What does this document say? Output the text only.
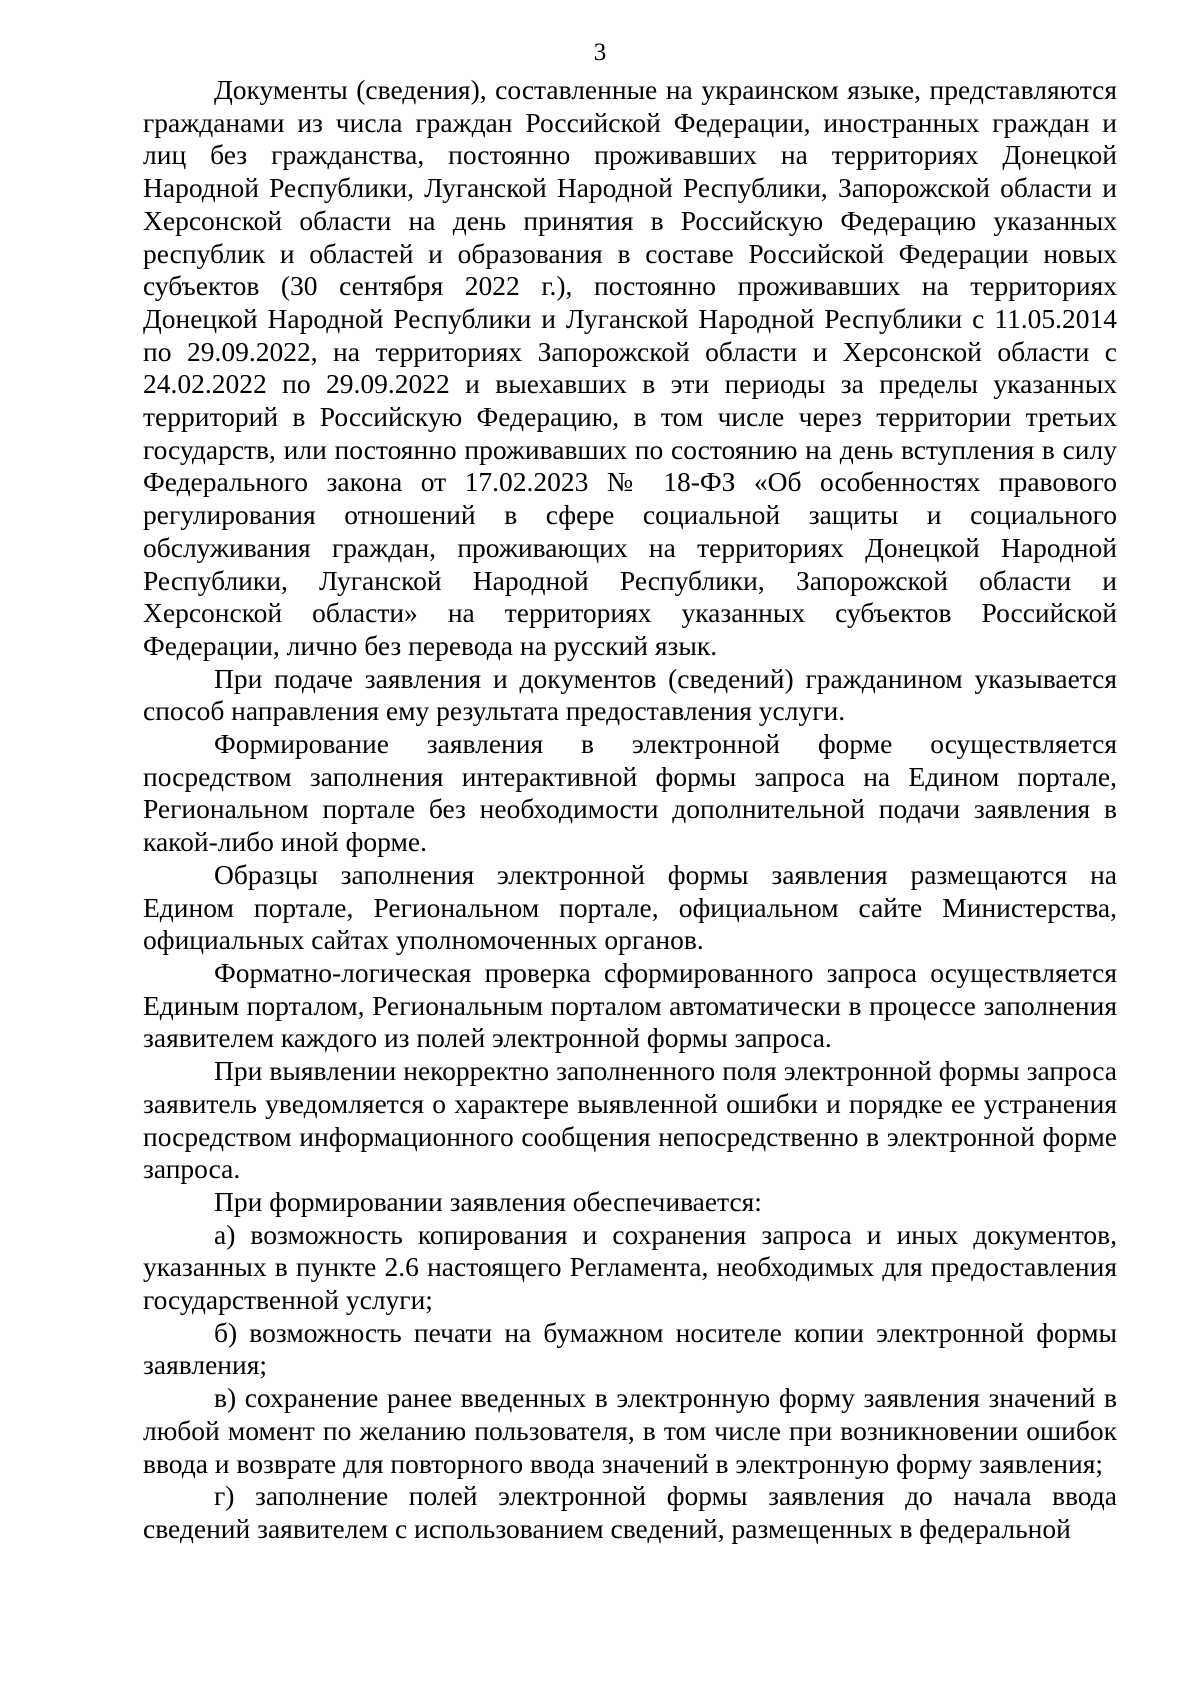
3

Документы (сведения), составленные на украинском языке, представляются гражданами из числа граждан Российской Федерации, иностранных граждан и лиц без гражданства, постоянно проживавших на территориях Донецкой Народной Республики, Луганской Народной Республики, Запорожской области и Херсонской области на день принятия в Российскую Федерацию указанных республик и областей и образования в составе Российской Федерации новых субъектов (30 сентября 2022 г.), постоянно проживавших на территориях Донецкой Народной Республики и Луганской Народной Республики с 11.05.2014 по 29.09.2022, на территориях Запорожской области и Херсонской области с 24.02.2022 по 29.09.2022 и выехавших в эти периоды за пределы указанных территорий в Российскую Федерацию, в том числе через территории третьих государств, или постоянно проживавших по состоянию на день вступления в силу Федерального закона от 17.02.2023 № 18-ФЗ «Об особенностях правового регулирования отношений в сфере социальной защиты и социального обслуживания граждан, проживающих на территориях Донецкой Народной Республики, Луганской Народной Республики, Запорожской области и Херсонской области» на территориях указанных субъектов Российской Федерации, лично без перевода на русский язык.

При подаче заявления и документов (сведений) гражданином указывается способ направления ему результата предоставления услуги.

Формирование заявления в электронной форме осуществляется посредством заполнения интерактивной формы запроса на Едином портале, Региональном портале без необходимости дополнительной подачи заявления в какой-либо иной форме.

Образцы заполнения электронной формы заявления размещаются на Едином портале, Региональном портале, официальном сайте Министерства, официальных сайтах уполномоченных органов.

Форматно-логическая проверка сформированного запроса осуществляется Единым порталом, Региональным порталом автоматически в процессе заполнения заявителем каждого из полей электронной формы запроса.

При выявлении некорректно заполненного поля электронной формы запроса заявитель уведомляется о характере выявленной ошибки и порядке ее устранения посредством информационного сообщения непосредственно в электронной форме запроса.

При формировании заявления обеспечивается:

а) возможность копирования и сохранения запроса и иных документов, указанных в пункте 2.6 настоящего Регламента, необходимых для предоставления государственной услуги;

б) возможность печати на бумажном носителе копии электронной формы заявления;

в) сохранение ранее введенных в электронную форму заявления значений в любой момент по желанию пользователя, в том числе при возникновении ошибок ввода и возврате для повторного ввода значений в электронную форму заявления;

г) заполнение полей электронной формы заявления до начала ввода сведений заявителем с использованием сведений, размещенных в федеральной
